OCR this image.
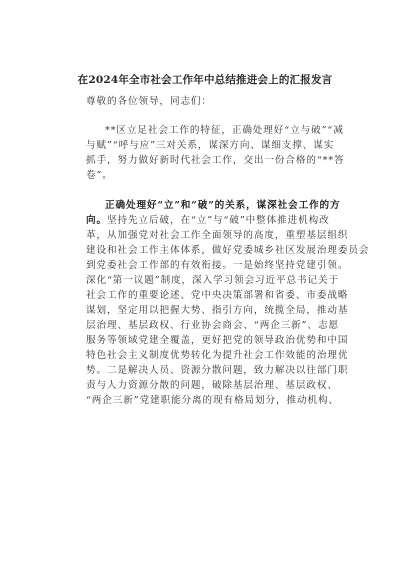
在2024年全市社会工作年中总结推进会上的汇报发言
尊敬的各位领导，同志们：
**区立足社会工作的特征，正确处理好“立与破”“减
与赋”“呼与应”三对关系，谋深方向、谋细支撑、谋实
抓手，努力做好新时代社会工作，交出一份合格的“**答
卷”。
正确处理好“立”和“破”的关系，谋深社会工作的方
向。坚持先立后破，在“立”与“破”中整体推进机构改
革，从加强党对社会工作全面领导的高度，重塑基层组织
建设和社会工作主体体系，做好党委城乡社区发展治理委员会
到党委社会工作部的有效衔接。一是始终坚持党建引领。
深化“第一议题”制度，深入学习领会习近平总书记关于
社会工作的重要论述、党中央决策部署和省委、市委战略
谋划，坚定用以把握大势、指引方向，统揽全局，推动基
层治理、基层政权、行业协会商会、“两企三新”、志愿
服务等领域党建全覆盖，更好把党的领导政治优势和中国
特色社会主义制度优势转化为提升社会工作效能的治理优
势。二是解决人员、资源分散问题，致力解决以往部门职
责与人力资源分散的问题，破除基层治理、基层政权、
“两企三新”党建职能分离的现有格局划分，推动机构、
